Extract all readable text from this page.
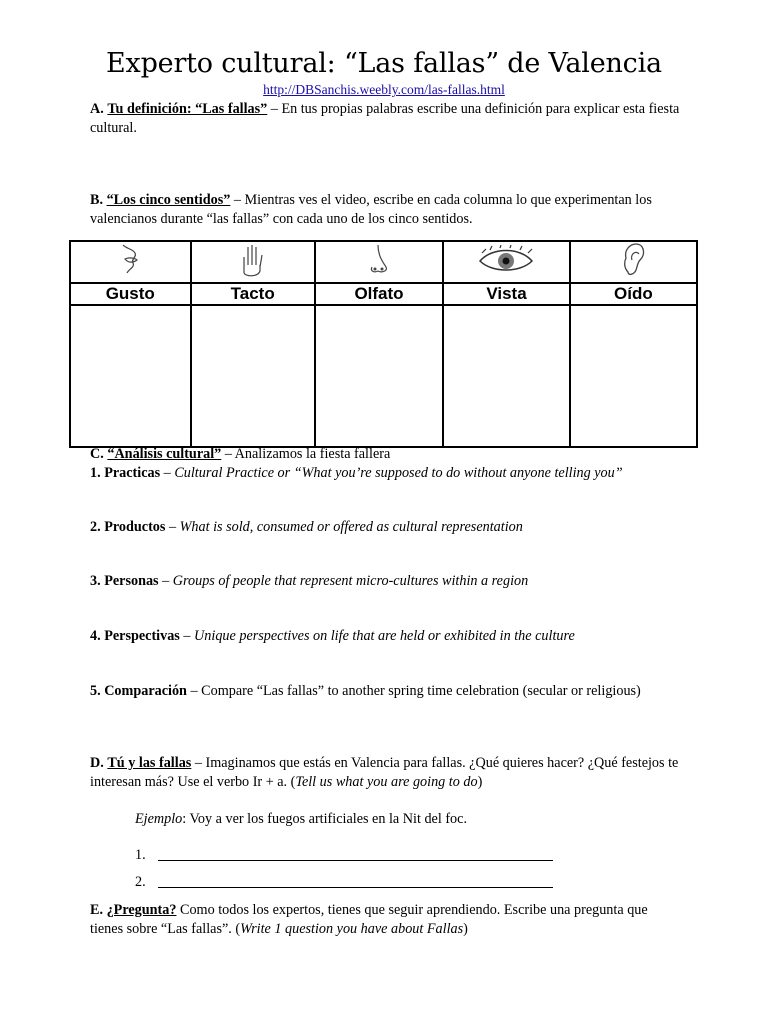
Experto cultural: “Las fallas” de Valencia
http://DBSanchis.weebly.com/las-fallas.html
A. Tu definición: “Las fallas” – En tus propias palabras escribe una definición para explicar esta fiesta cultural.
B. “Los cinco sentidos” – Mientras ves el video, escribe en cada columna lo que experimentan los valencianos durante “las fallas” con cada uno de los cinco sentidos.

Gusto	Tacto	Olfato	Vista	Oído

C. “Análisis cultural” – Analizamos la fiesta fallera
1. Practicas – Cultural Practice or “What you’re supposed to do without anyone telling you”
2. Productos – What is sold, consumed or offered as cultural representation
3. Personas – Groups of people that represent micro-cultures within a region
4. Perspectivas – Unique perspectives on life that are held or exhibited in the culture
5. Comparación – Compare “Las fallas” to another spring time celebration (secular or religious)
D. Tú y las fallas – Imaginamos que estás en Valencia para fallas. ¿Qué quieres hacer? ¿Qué festejos te interesan más? Use el verbo Ir + a. (Tell us what you are going to do)
Ejemplo: Voy a ver los fuegos artificiales en la Nit del foc.
1.
2.
E. ¿Pregunta? Como todos los expertos, tienes que seguir aprendiendo. Escribe una pregunta que tienes sobre “Las fallas”. (Write 1 question you have about Fallas)
